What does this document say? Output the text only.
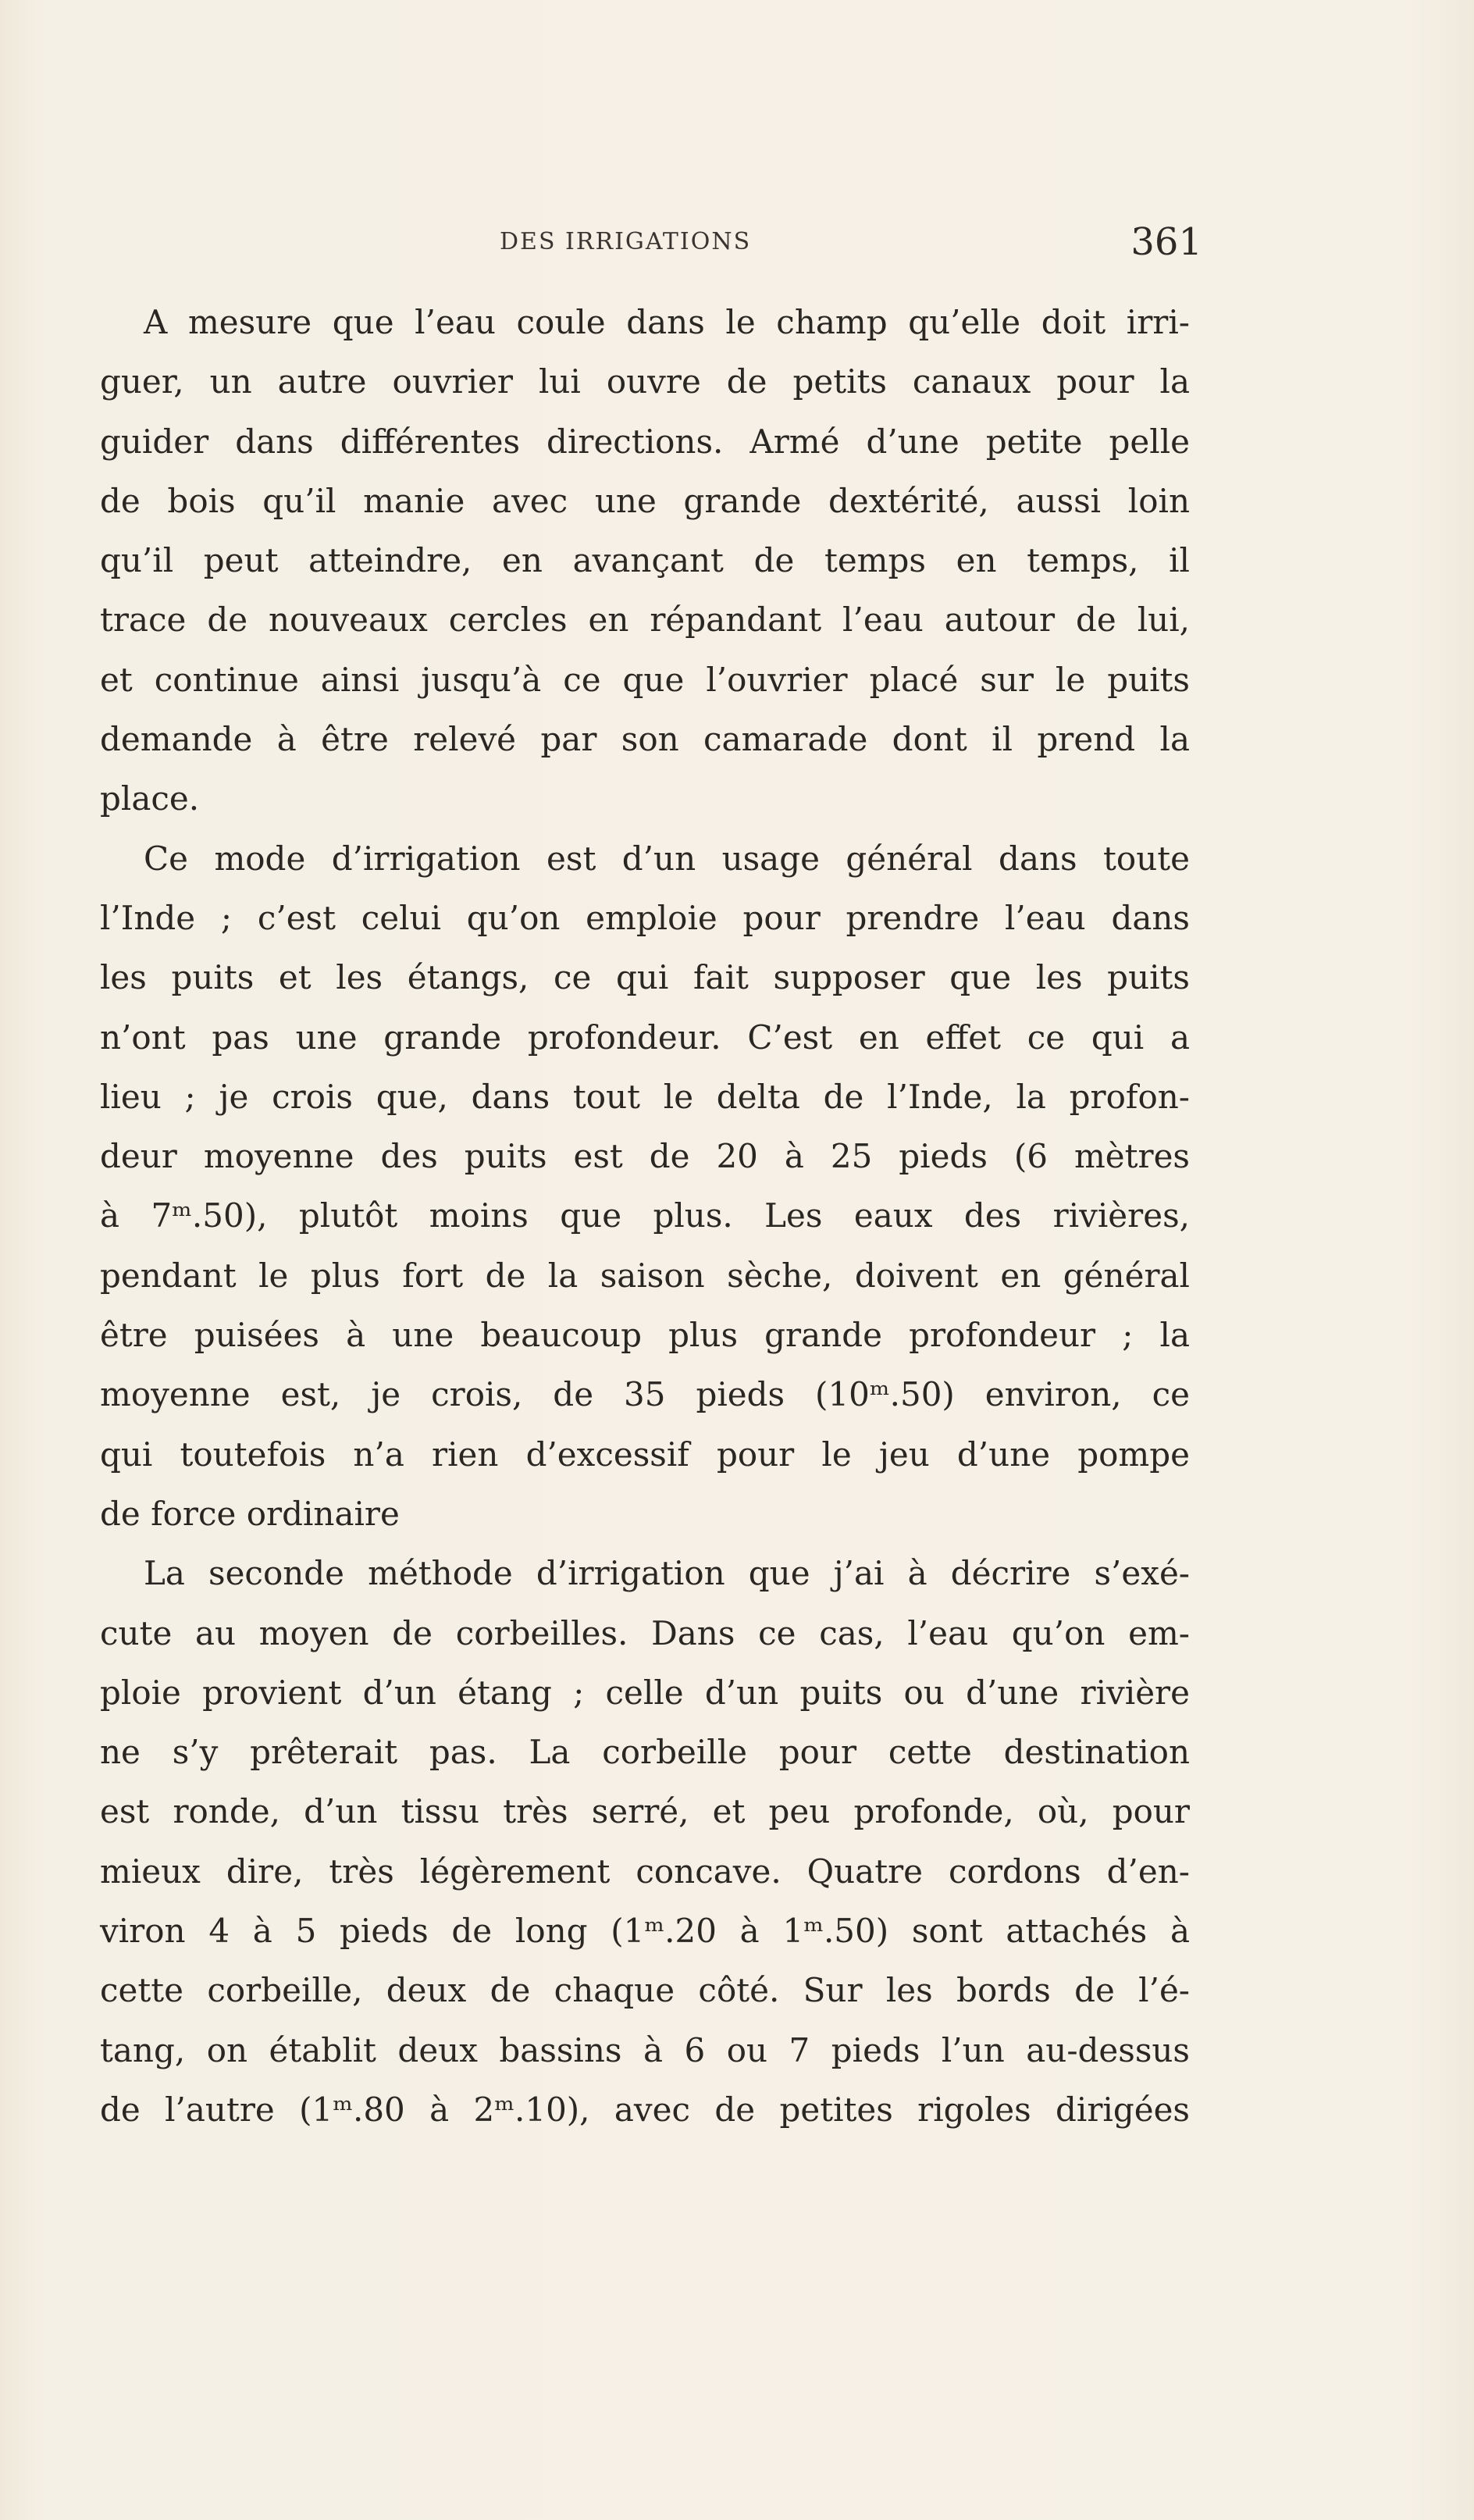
DES IRRIGATIONS	361
A mesure que l’eau coule dans le champ qu’elle doit irri-
guer, un autre ouvrier lui ouvre de petits canaux pour la
guider dans différentes directions. Armé d’une petite pelle
de bois qu’il manie avec une grande dextérité, aussi loin
qu’il peut atteindre, en avançant de temps en temps, il
trace de nouveaux cercles en répandant l’eau autour de lui,
et continue ainsi jusqu’à ce que l’ouvrier placé sur le puits
demande à être relevé par son camarade dont il prend la
place.
Ce mode d’irrigation est d’un usage général dans toute
l’Inde ; c’est celui qu’on emploie pour prendre l’eau dans
les puits et les étangs, ce qui fait supposer que les puits
n’ont pas une grande profondeur. C’est en effet ce qui a
lieu ; je crois que, dans tout le delta de l’Inde, la profon-
deur moyenne des puits est de 20 à 25 pieds (6 mètres
à 7ᵐ.50), plutôt moins que plus. Les eaux des rivières,
pendant le plus fort de la saison sèche, doivent en général
être puisées à une beaucoup plus grande profondeur ; la
moyenne est, je crois, de 35 pieds (10ᵐ.50) environ, ce
qui toutefois n’a rien d’excessif pour le jeu d’une pompe
de force ordinaire
La seconde méthode d’irrigation que j’ai à décrire s’exé-
cute au moyen de corbeilles. Dans ce cas, l’eau qu’on em-
ploie provient d’un étang ; celle d’un puits ou d’une rivière
ne s’y prêterait pas. La corbeille pour cette destination
est ronde, d’un tissu très serré, et peu profonde, où, pour
mieux dire, très légèrement concave. Quatre cordons d’en-
viron 4 à 5 pieds de long (1ᵐ.20 à 1ᵐ.50) sont attachés à
cette corbeille, deux de chaque côté. Sur les bords de l’é-
tang, on établit deux bassins à 6 ou 7 pieds l’un au-dessus
de l’autre (1ᵐ.80 à 2ᵐ.10), avec de petites rigoles dirigées
